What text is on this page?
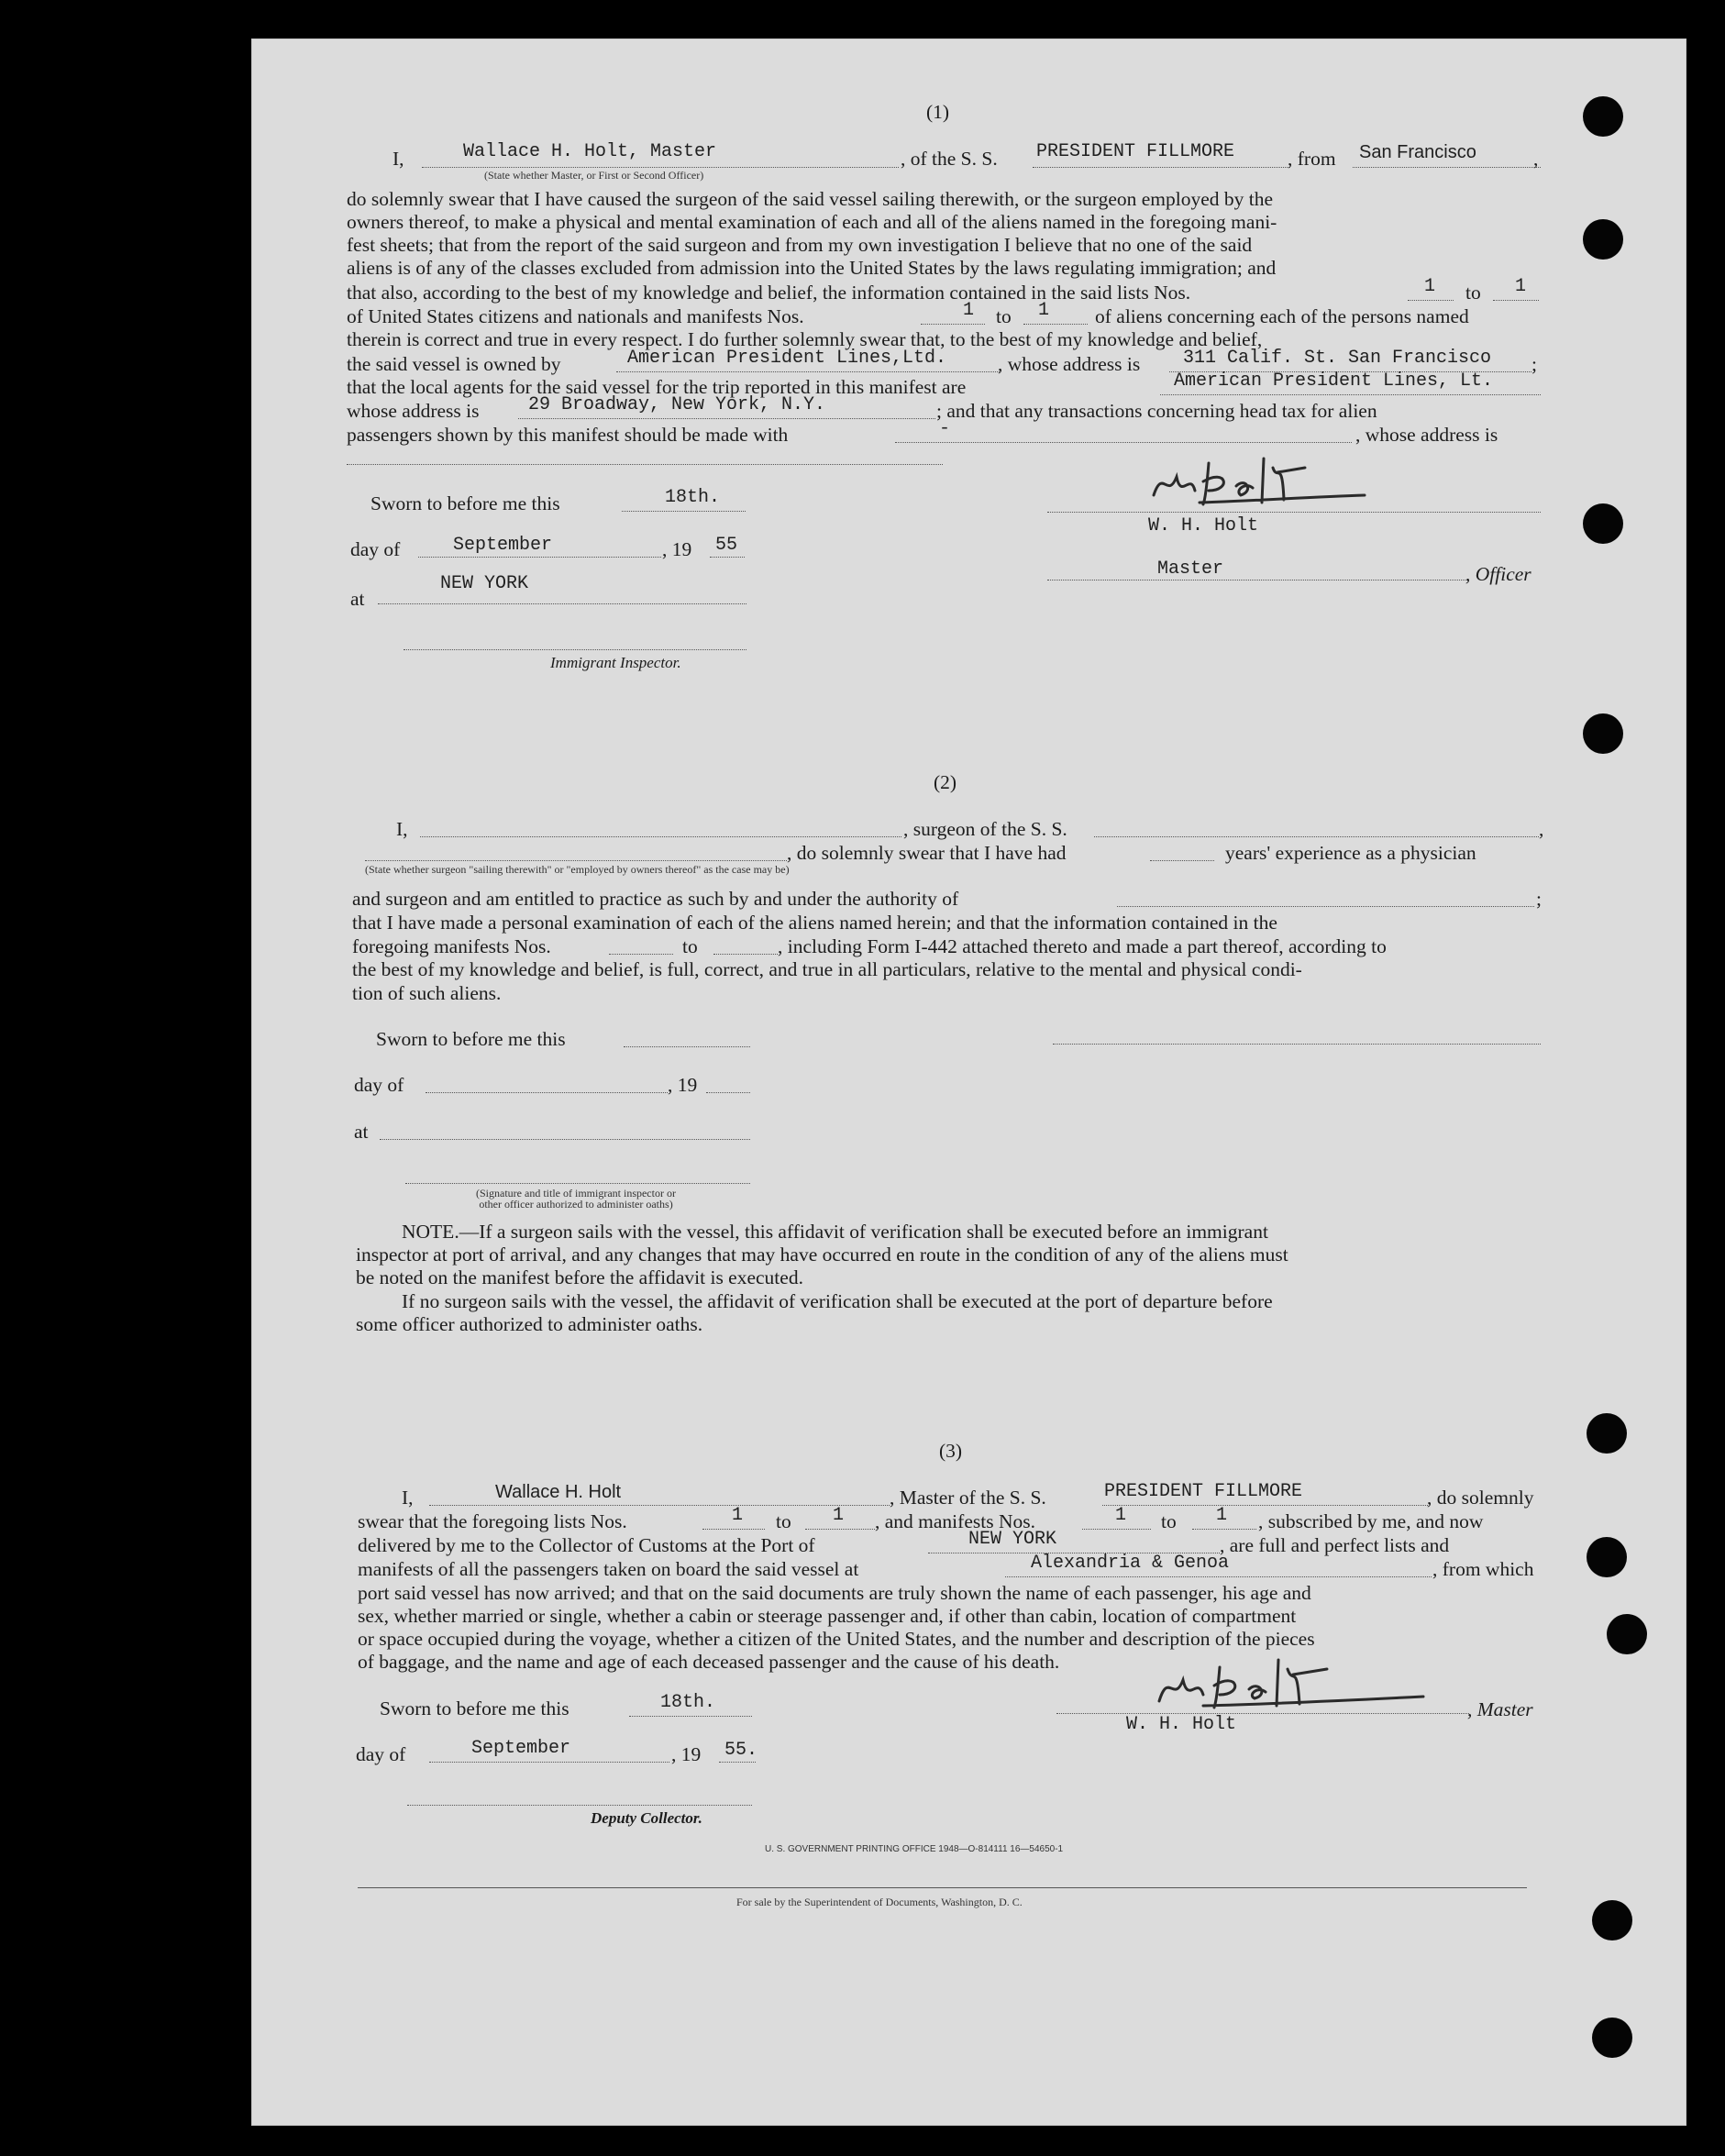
(1)
I,	Wallace H. Holt, Master
(State whether Master, or First or Second Officer)
, of the S. S. PRESIDENT FILLMORE	, from San Francisco	,
do solemnly swear that I have caused the surgeon of the said vessel sailing therewith, or the surgeon employed by the
owners thereof, to make a physical and mental examination of each and all of the aliens named in the foregoing mani-
fest sheets; that from the report of the said surgeon and from my own investigation I believe that no one of the said
aliens is of any of the classes excluded from admission into the United States by the laws regulating immigration; and
that also, according to the best of my knowledge and belief, the information contained in the said lists Nos.	1 to 1
of United States citizens and nationals and manifests Nos.	1 to 1 of aliens concerning each of the persons named
therein is correct and true in every respect. I do further solemnly swear that, to the best of my knowledge and belief,
the said vessel is owned by	American President Lines,Ltd.	, whose address is 311 Calif. St. San Francisco ;
that the local agents for the said vessel for the trip reported in this manifest are	American President Lines, Lt.
whose address is	29 Broadway, New York, N.Y.	; and that any transactions concerning head tax for alien
passengers shown by this manifest should be made with	-	, whose address is
Sworn to before me this	18th.
day of	September	, 19 55
at
NEW YORK
Immigrant Inspector.
W. H. Holt
Master	, Officer
(2)
I,	, surgeon of the S. S.	,
, do solemnly swear that I have had	years' experience as a physician
(State whether surgeon "sailing therewith" or "employed by owners thereof" as the case may be)
and surgeon and am entitled to practice as such by and under the authority of	;
that I have made a personal examination of each of the aliens named herein; and that the information contained in the
foregoing manifests Nos.	to	, including Form I-442 attached thereto and made a part thereof, according to
the best of my knowledge and belief, is full, correct, and true in all particulars, relative to the mental and physical condi-
tion of such aliens.
Sworn to before me this
day of	, 19
at
(Signature and title of immigrant inspector or
other officer authorized to administer oaths)
NOTE.—If a surgeon sails with the vessel, this affidavit of verification shall be executed before an immigrant
inspector at port of arrival, and any changes that may have occurred en route in the condition of any of the aliens must
be noted on the manifest before the affidavit is executed.
If no surgeon sails with the vessel, the affidavit of verification shall be executed at the port of departure before
some officer authorized to administer oaths.
(3)
I,	Wallace H. Holt	, Master of the S. S.	PRESIDENT FILLMORE	, do solemnly
swear that the foregoing lists Nos.	1 to 1 , and manifests Nos.	1 to 1 , subscribed by me, and now
delivered by me to the Collector of Customs at the Port of	NEW YORK	, are full and perfect lists and
manifests of all the passengers taken on board the said vessel at	Alexandria & Genoa	, from which
port said vessel has now arrived; and that on the said documents are truly shown the name of each passenger, his age and
sex, whether married or single, whether a cabin or steerage passenger and, if other than cabin, location of compartment
or space occupied during the voyage, whether a citizen of the United States, and the number and description of the pieces
of baggage, and the name and age of each deceased passenger and the cause of his death.
Sworn to before me this	18th.
day of	September	, 19 55.
, Master
W. H. Holt
Deputy Collector.
U. S. GOVERNMENT PRINTING OFFICE 1948—O-814111 16—54650-1
For sale by the Superintendent of Documents, Washington, D. C.
